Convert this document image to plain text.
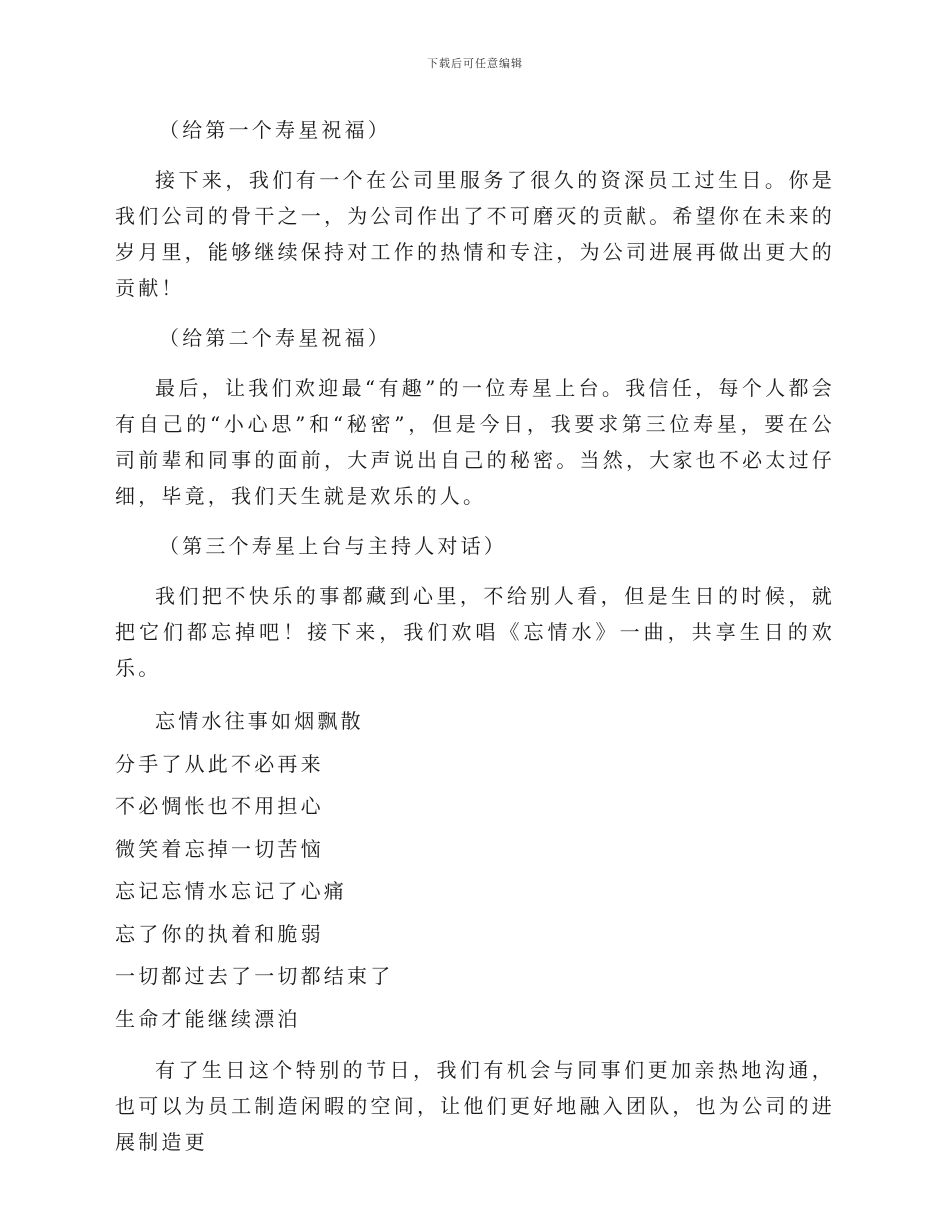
下载后可任意编辑

（给第一个寿星祝福）

接下来，我们有一个在公司里服务了很久的资深员工过生日。你是我们公司的骨干之一，为公司作出了不可磨灭的贡献。希望你在未来的岁月里，能够继续保持对工作的热情和专注，为公司进展再做出更大的贡献！

（给第二个寿星祝福）

最后，让我们欢迎最“有趣”的一位寿星上台。我信任，每个人都会有自己的“小心思”和“秘密”，但是今日，我要求第三位寿星，要在公司前辈和同事的面前，大声说出自己的秘密。当然，大家也不必太过仔细，毕竟，我们天生就是欢乐的人。

（第三个寿星上台与主持人对话）

我们把不快乐的事都藏到心里，不给别人看，但是生日的时候，就把它们都忘掉吧！接下来，我们欢唱《忘情水》一曲，共享生日的欢乐。

忘情水往事如烟飘散
分手了从此不必再来
不必惆怅也不用担心
微笑着忘掉一切苦恼
忘记忘情水忘记了心痛
忘了你的执着和脆弱
一切都过去了一切都结束了
生命才能继续漂泊

有了生日这个特别的节日，我们有机会与同事们更加亲热地沟通，也可以为员工制造闲暇的空间，让他们更好地融入团队，也为公司的进展制造更
